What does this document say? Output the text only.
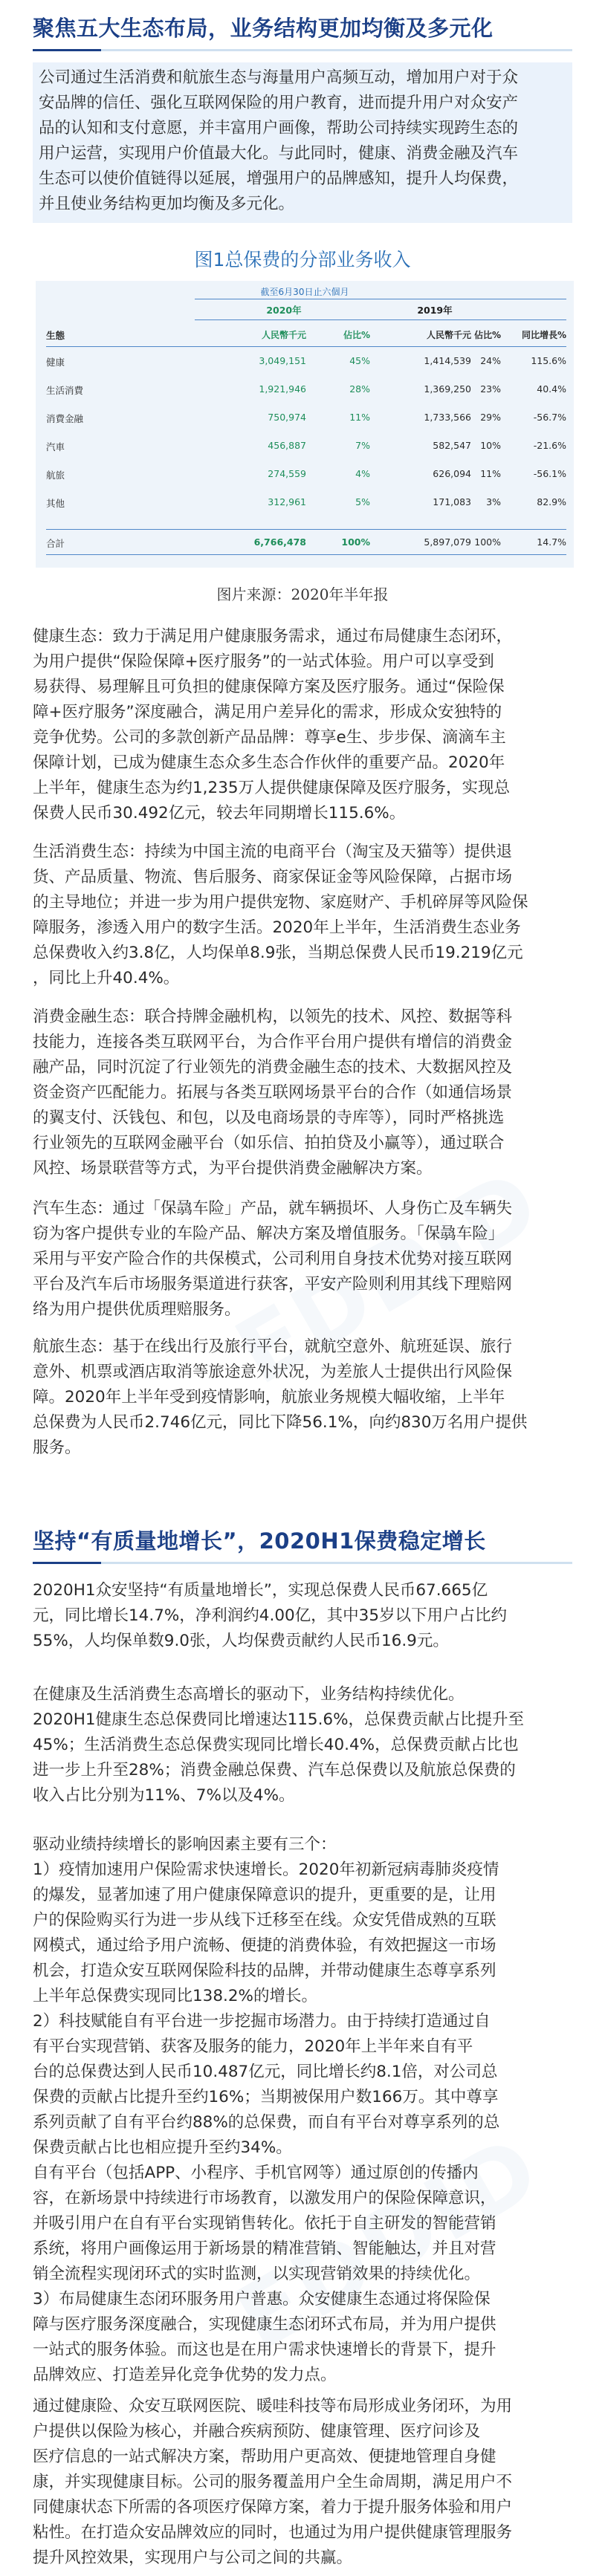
聚焦五大生态布局，业务结构更加均衡及多元化
公司通过生活消费和航旅生态与海量用户高频互动，增加用户对于众
安品牌的信任、强化互联网保险的用户教育，进而提升用户对众安产
品的认知和支付意愿，并丰富用户画像，帮助公司持续实现跨生态的
用户运营，实现用户价值最大化。与此同时，健康、消费金融及汽车
生态可以使价值链得以延展，增强用户的品牌感知，提升人均保费，
并且使业务结构更加均衡及多元化。
图1总保费的分部业务收入
截至6月30日止六個月
2020年	2019年
生態	人民幣千元	佔比%	人民幣千元 佔比%	同比增長%
健康	3,049,151	45%	1,414,539 24%	115.6%
生活消費	1,921,946	28%	1,369,250 23%	40.4%
消費金融	750,974	11%	1,733,566 29%	-56.7%
汽車	456,887	7%	582,547 10%	-21.6%
航旅	274,559	4%	626,094 11%	-56.1%
其他	312,961	5%	171,083	3%	82.9%
合計	6,766,478	100%	5,897,079 100%	14.7%
图片来源：2020年半年报
健康生态：致力于满足用户健康服务需求，通过布局健康生态闭环，
为用户提供“保险保障+医疗服务”的一站式体验。用户可以享受到
易获得、易理解且可负担的健康保障方案及医疗服务。通过“保险保
障+医疗服务”深度融合，满足用户差异化的需求，形成众安独特的
竞争优势。公司的多款创新产品品牌：尊享e生、步步保、滴滴车主
保障计划，已成为健康生态众多生态合作伙伴的重要产品。2020年
上半年，健康生态为约1,235万人提供健康保障及医疗服务，实现总
保费人民币30.492亿元，较去年同期增长115.6%。
生活消费生态：持续为中国主流的电商平台（淘宝及天猫等）提供退
货、产品质量、物流、售后服务、商家保证金等风险保障，占据市场
的主导地位；并进一步为用户提供宠物、家庭财产、手机碎屏等风险保
障服务，渗透入用户的数字生活。2020年上半年，生活消费生态业务
总保费收入约3.8亿，人均保单8.9张，当期总保费人民币19.219亿元
，同比上升40.4%。
消费金融生态：联合持牌金融机构，以领先的技术、风控、数据等科
技能力，连接各类互联网平台，为合作平台用户提供有增信的消费金
融产品，同时沉淀了行业领先的消费金融生态的技术、大数据风控及
资金资产匹配能力。拓展与各类互联网场景平台的合作（如通信场景
的翼支付、沃钱包、和包，以及电商场景的寺库等），同时严格挑选
行业领先的互联网金融平台（如乐信、拍拍贷及小赢等），通过联合
风控、场景联营等方式，为平台提供消费金融解决方案。
汽车生态：通过「保骉车险」产品，就车辆损坏、人身伤亡及车辆失
窃为客户提供专业的车险产品、解决方案及增值服务。「保骉车险」
采用与平安产险合作的共保模式，公司利用自身技术优势对接互联网
平台及汽车后市场服务渠道进行获客，平安产险则利用其线下理赔网
络为用户提供优质理赔服务。
航旅生态：基于在线出行及旅行平台，就航空意外、航班延误、旅行
意外、机票或酒店取消等旅途意外状况，为差旅人士提供出行风险保
障。2020年上半年受到疫情影响，航旅业务规模大幅收缩，上半年
总保费为人民币2.746亿元，同比下降56.1%，向约830万名用户提供
服务。
坚持“有质量地增长”，2020H1保费稳定增长
2020H1众安坚持“有质量地增长”，实现总保费人民币67.665亿
元，同比增长14.7%，净利润约4.00亿，其中35岁以下用户占比约
55%，人均保单数9.0张，人均保费贡献约人民币16.9元。
在健康及生活消费生态高增长的驱动下，业务结构持续优化。
2020H1健康生态总保费同比增速达115.6%，总保费贡献占比提升至
45%；生活消费生态总保费实现同比增长40.4%，总保费贡献占比也
进一步上升至28%；消费金融总保费、汽车总保费以及航旅总保费的
收入占比分别为11%、7%以及4%。
驱动业绩持续增长的影响因素主要有三个：
1）疫情加速用户保险需求快速增长。2020年初新冠病毒肺炎疫情
的爆发，显著加速了用户健康保障意识的提升，更重要的是，让用
户的保险购买行为进一步从线下迁移至在线。众安凭借成熟的互联
网模式，通过给予用户流畅、便捷的消费体验，有效把握这一市场
机会，打造众安互联网保险科技的品牌，并带动健康生态尊享系列
上半年总保费实现同比138.2%的增长。
2）科技赋能自有平台进一步挖掘市场潜力。由于持续打造通过自
有平台实现营销、获客及服务的能力，2020年上半年来自有平
台的总保费达到人民币10.487亿元，同比增长约8.1倍，对公司总
保费的贡献占比提升至约16%；当期被保用户数166万。其中尊享
系列贡献了自有平台约88%的总保费，而自有平台对尊享系列的总
保费贡献占比也相应提升至约34%。
自有平台（包括APP、小程序、手机官网等）通过原创的传播内
容，在新场景中持续进行市场教育，以激发用户的保险保障意识，
并吸引用户在自有平台实现销售转化。依托于自主研发的智能营销
系统，将用户画像运用于新场景的精准营销、智能触达，并且对营
销全流程实现闭环式的实时监测，以实现营销效果的持续优化。
3）布局健康生态闭环服务用户普惠。众安健康生态通过将保险保
障与医疗服务深度融合，实现健康生态闭环式布局，并为用户提供
一站式的服务体验。而这也是在用户需求快速增长的背景下，提升
品牌效应、打造差异化竞争优势的发力点。
通过健康险、众安互联网医院、暖哇科技等布局形成业务闭环，为用
户提供以保险为核心，并融合疾病预防、健康管理、医疗问诊及
医疗信息的一站式解决方案，帮助用户更高效、便捷地管理自身健
康，并实现健康目标。公司的服务覆盖用户全生命周期，满足用户不
同健康状态下所需的各项医疗保障方案，着力于提升服务体验和用户
粘性。在打造众安品牌效应的同时，也通过为用户提供健康管理服务
提升风控效果，实现用户与公司之间的共赢。
